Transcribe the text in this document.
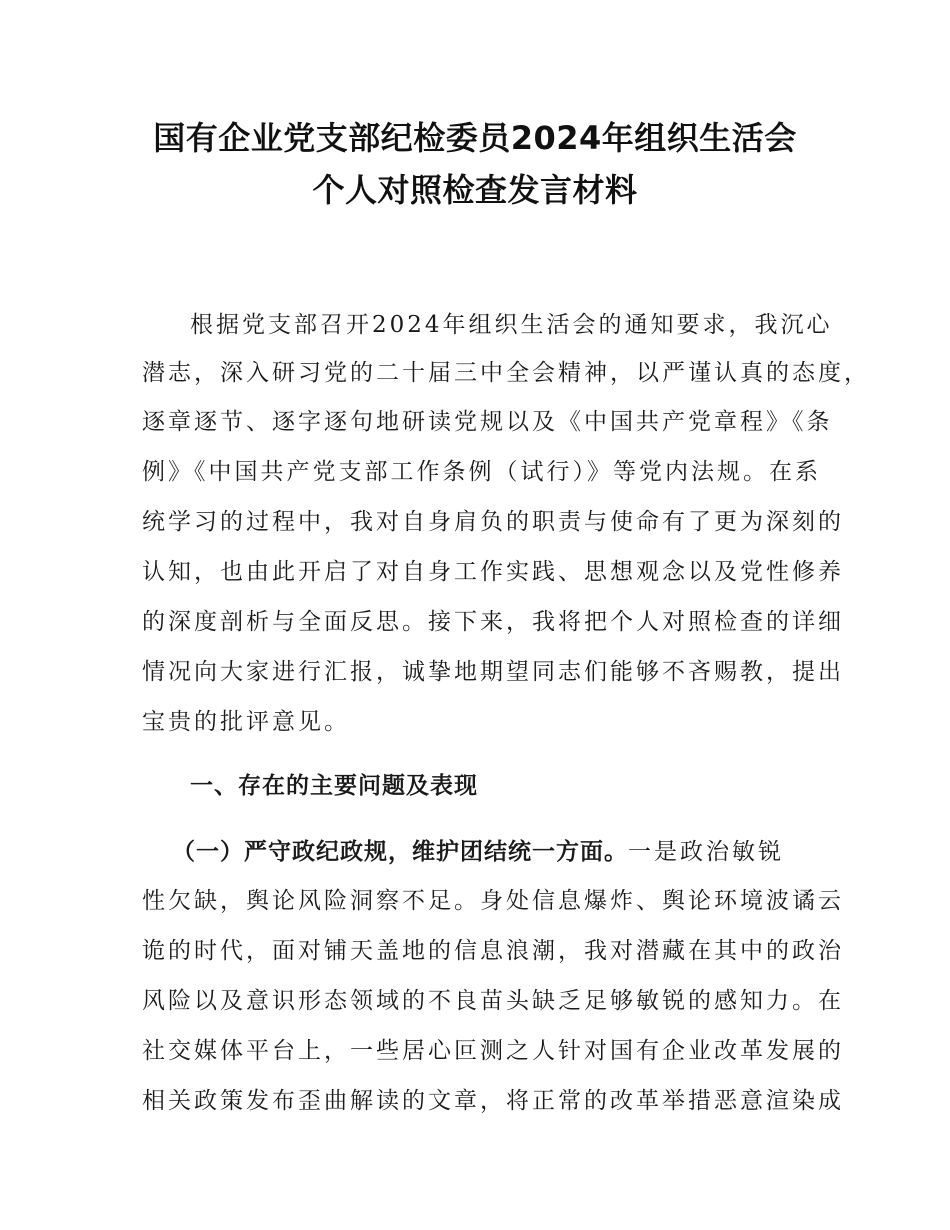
国有企业党支部纪检委员2024年组织生活会
个人对照检查发言材料
根据党支部召开2024年组织生活会的通知要求，我沉心
潜志，深入研习党的二十届三中全会精神，以严谨认真的态度，
逐章逐节、逐字逐句地研读党规以及《中国共产党章程》《条
例》《中国共产党支部工作条例（试行）》等党内法规。在系
统学习的过程中，我对自身肩负的职责与使命有了更为深刻的
认知，也由此开启了对自身工作实践、思想观念以及党性修养
的深度剖析与全面反思。接下来，我将把个人对照检查的详细
情况向大家进行汇报，诚挚地期望同志们能够不吝赐教，提出
宝贵的批评意见。
一、存在的主要问题及表现
（一）严守政纪政规，维护团结统一方面。一是政治敏锐
性欠缺，舆论风险洞察不足。身处信息爆炸、舆论环境波谲云
诡的时代，面对铺天盖地的信息浪潮，我对潜藏在其中的政治
风险以及意识形态领域的不良苗头缺乏足够敏锐的感知力。在
社交媒体平台上，一些居心叵测之人针对国有企业改革发展的
相关政策发布歪曲解读的文章，将正常的改革举措恶意渲染成
